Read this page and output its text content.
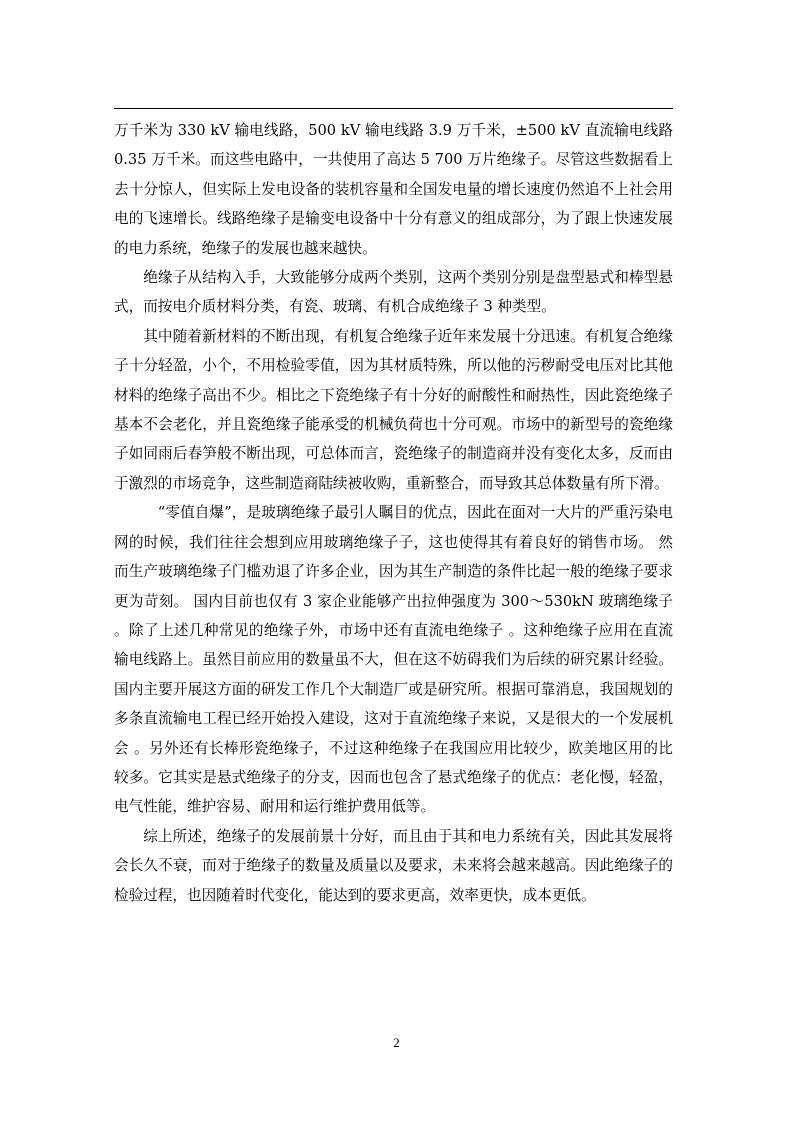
万千米为 330 kV 输电线路，500 kV 输电线路 3.9 万千米，±500 kV 直流输电线路 0.35 万千米。而这些电路中，一共使用了高达 5 700 万片绝缘子。尽管这些数据看上去十分惊人，但实际上发电设备的装机容量和全国发电量的增长速度仍然追不上社会用电的飞速增长。线路绝缘子是输变电设备中十分有意义的组成部分，为了跟上快速发展的电力系统，绝缘子的发展也越来越快。

绝缘子从结构入手，大致能够分成两个类别，这两个类别分别是盘型悬式和棒型悬式，而按电介质材料分类，有瓷、玻璃、有机合成绝缘子 3 种类型。

其中随着新材料的不断出现，有机复合绝缘子近年来发展十分迅速。有机复合绝缘子十分轻盈，小个，不用检验零值，因为其材质特殊，所以他的污秽耐受电压对比其他材料的绝缘子高出不少。相比之下瓷绝缘子有十分好的耐酸性和耐热性，因此瓷绝缘子基本不会老化，并且瓷绝缘子能承受的机械负荷也十分可观。市场中的新型号的瓷绝缘子如同雨后春笋般不断出现，可总体而言，瓷绝缘子的制造商并没有变化太多，反而由于激烈的市场竞争，这些制造商陆续被收购，重新整合，而导致其总体数量有所下滑。

“零值自爆”，是玻璃绝缘子最引人瞩目的优点，因此在面对一大片的严重污染电网的时候，我们往往会想到应用玻璃绝缘子子，这也使得其有着良好的销售市场。 然而生产玻璃绝缘子门槛劝退了许多企业，因为其生产制造的条件比起一般的绝缘子要求更为苛刻。 国内目前也仅有 3 家企业能够产出拉伸强度为 300～530kN 玻璃绝缘子 。除了上述几种常见的绝缘子外，市场中还有直流电绝缘子 。这种绝缘子应用在直流输电线路上。虽然目前应用的数量虽不大，但在这不妨碍我们为后续的研究累计经验。国内主要开展这方面的研发工作几个大制造厂或是研究所。根据可靠消息，我国规划的多条直流输电工程已经开始投入建设，这对于直流绝缘子来说，又是很大的一个发展机会 。另外还有长棒形瓷绝缘子，不过这种绝缘子在我国应用比较少，欧美地区用的比较多。它其实是悬式绝缘子的分支，因而也包含了悬式绝缘子的优点：老化慢，轻盈，电气性能，维护容易、耐用和运行维护费用低等。

综上所述，绝缘子的发展前景十分好，而且由于其和电力系统有关，因此其发展将会长久不衰，而对于绝缘子的数量及质量以及要求，未来将会越来越高。因此绝缘子的检验过程，也因随着时代变化，能达到的要求更高，效率更快，成本更低。

2
